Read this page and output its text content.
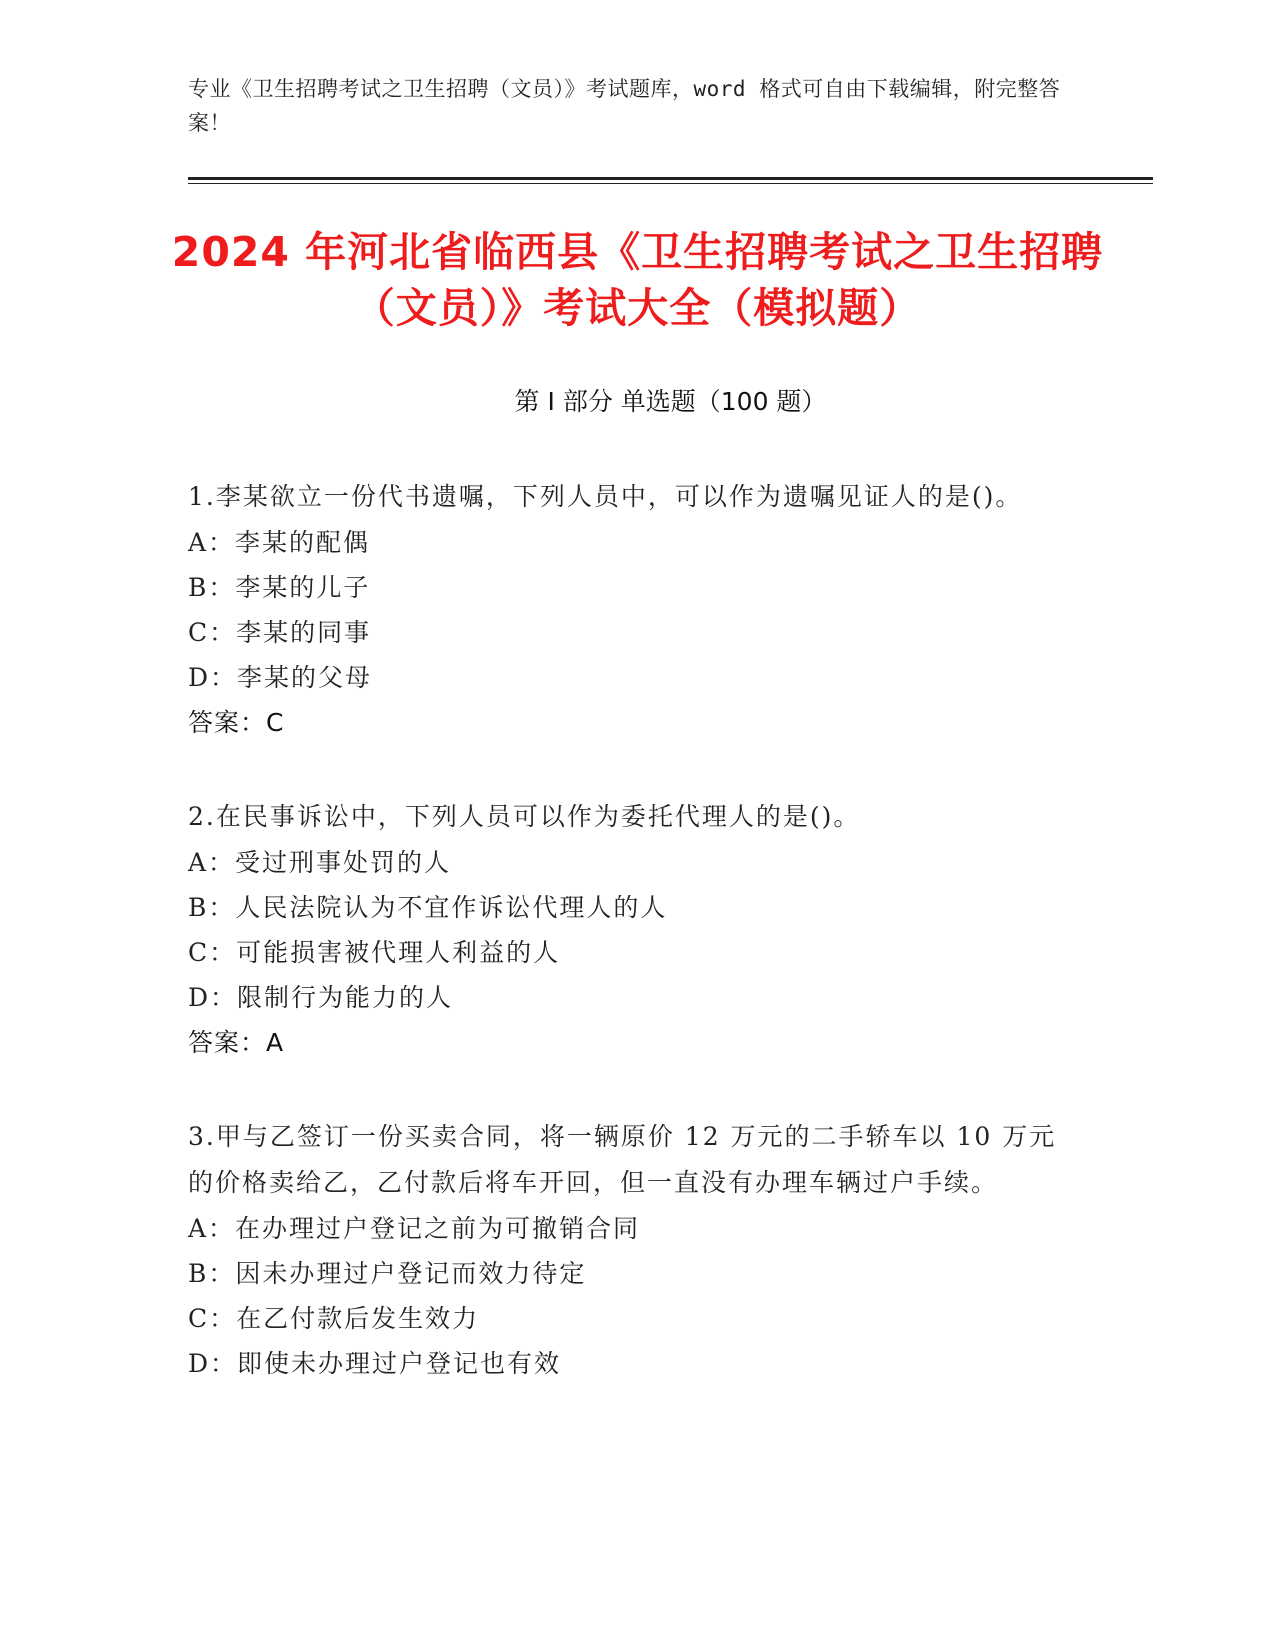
专业《卫生招聘考试之卫生招聘（文员）》考试题库，word 格式可自由下载编辑，附完整答案！
2024 年河北省临西县《卫生招聘考试之卫生招聘（文员）》考试大全（模拟题）
第 I 部分 单选题（100 题）
1.李某欲立一份代书遗嘱，下列人员中，可以作为遗嘱见证人的是()。
A：李某的配偶
B：李某的儿子
C：李某的同事
D：李某的父母
答案：C
2.在民事诉讼中，下列人员可以作为委托代理人的是()。
A：受过刑事处罚的人
B：人民法院认为不宜作诉讼代理人的人
C：可能损害被代理人利益的人
D：限制行为能力的人
答案：A
3.甲与乙签订一份买卖合同，将一辆原价 12 万元的二手轿车以 10 万元的价格卖给乙，乙付款后将车开回，但一直没有办理车辆过户手续。
A：在办理过户登记之前为可撤销合同
B：因未办理过户登记而效力待定
C：在乙付款后发生效力
D：即使未办理过户登记也有效
